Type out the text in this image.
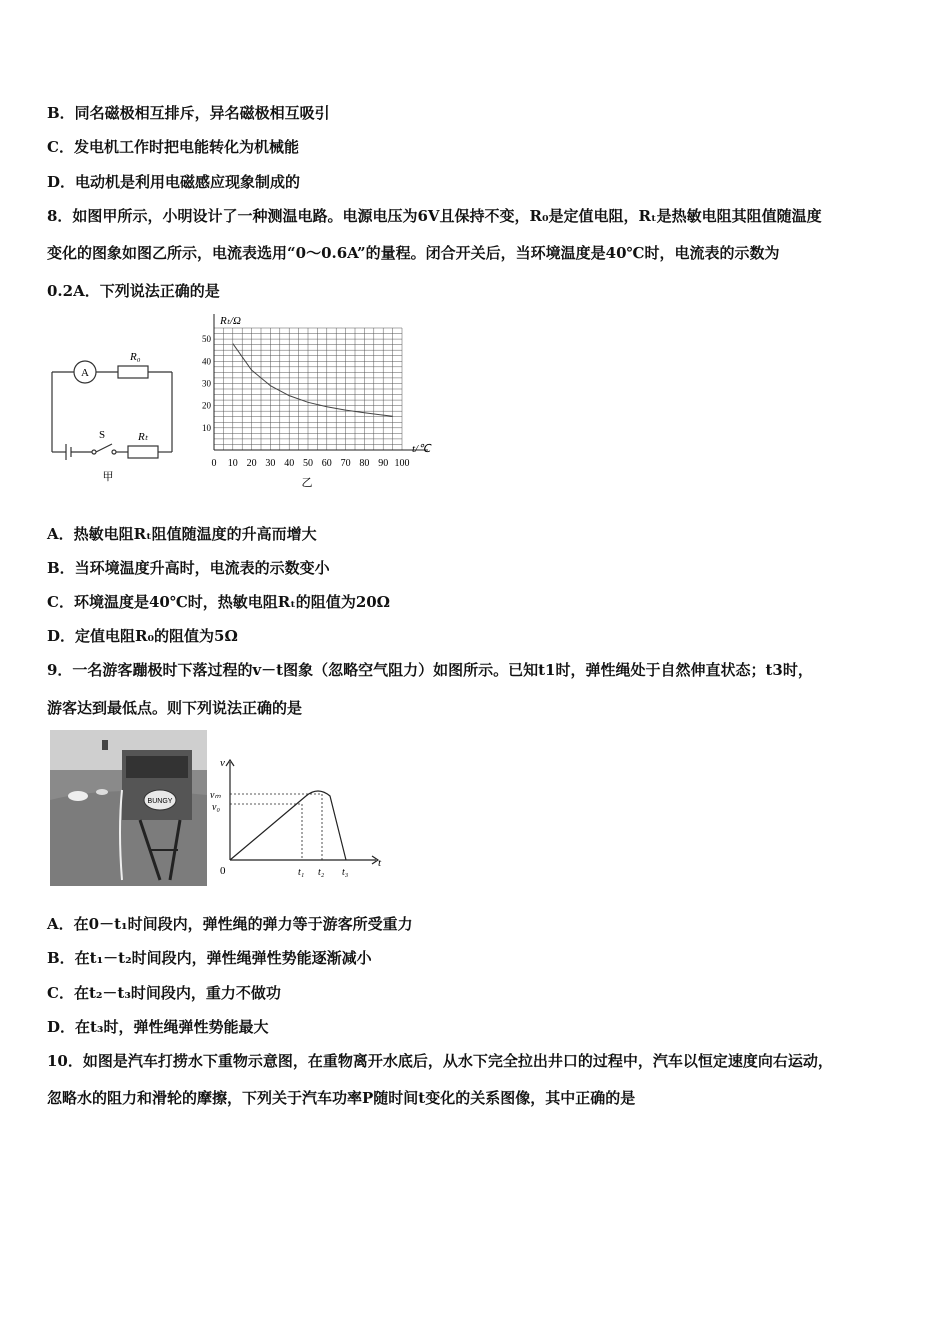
B．同名磁极相互排斥，异名磁极相互吸引
C．发电机工作时把电能转化为机械能
D．电动机是利用电磁感应现象制成的
8．如图甲所示，小明设计了一种测温电路。电源电压为6V且保持不变，R₀是定值电阻，Rₜ是热敏电阻其阻值随温度
变化的图象如图乙所示，电流表选用“0～0.6A”的量程。闭合开关后，当环境温度是40℃时，电流表的示数为
0.2A．下列说法正确的是
A
R₀
S	Rₜ
甲
0 10 20 30 40 50 60 70 80 90 100
10
20
30
40
50
Rₜ/Ω
t/℃
乙
A．热敏电阻Rₜ阻值随温度的升高而增大
B．当环境温度升高时，电流表的示数变小
C．环境温度是40℃时，热敏电阻Rₜ的阻值为20Ω
D．定值电阻R₀的阻值为5Ω
9．一名游客蹦极时下落过程的v－t图象（忽略空气阻力）如图所示。已知t1时，弹性绳处于自然伸直状态；t3时，
游客达到最低点。则下列说法正确的是
BUNGY
v
t
0
vₘ
v₀
t₁ t₂ t₃
A．在0－t₁时间段内，弹性绳的弹力等于游客所受重力
B．在t₁－t₂时间段内，弹性绳弹性势能逐渐减小
C．在t₂－t₃时间段内，重力不做功
D．在t₃时，弹性绳弹性势能最大
10．如图是汽车打捞水下重物示意图，在重物离开水底后，从水下完全拉出井口的过程中，汽车以恒定速度向右运动，
忽略水的阻力和滑轮的摩擦，下列关于汽车功率P随时间t变化的关系图像，其中正确的是
